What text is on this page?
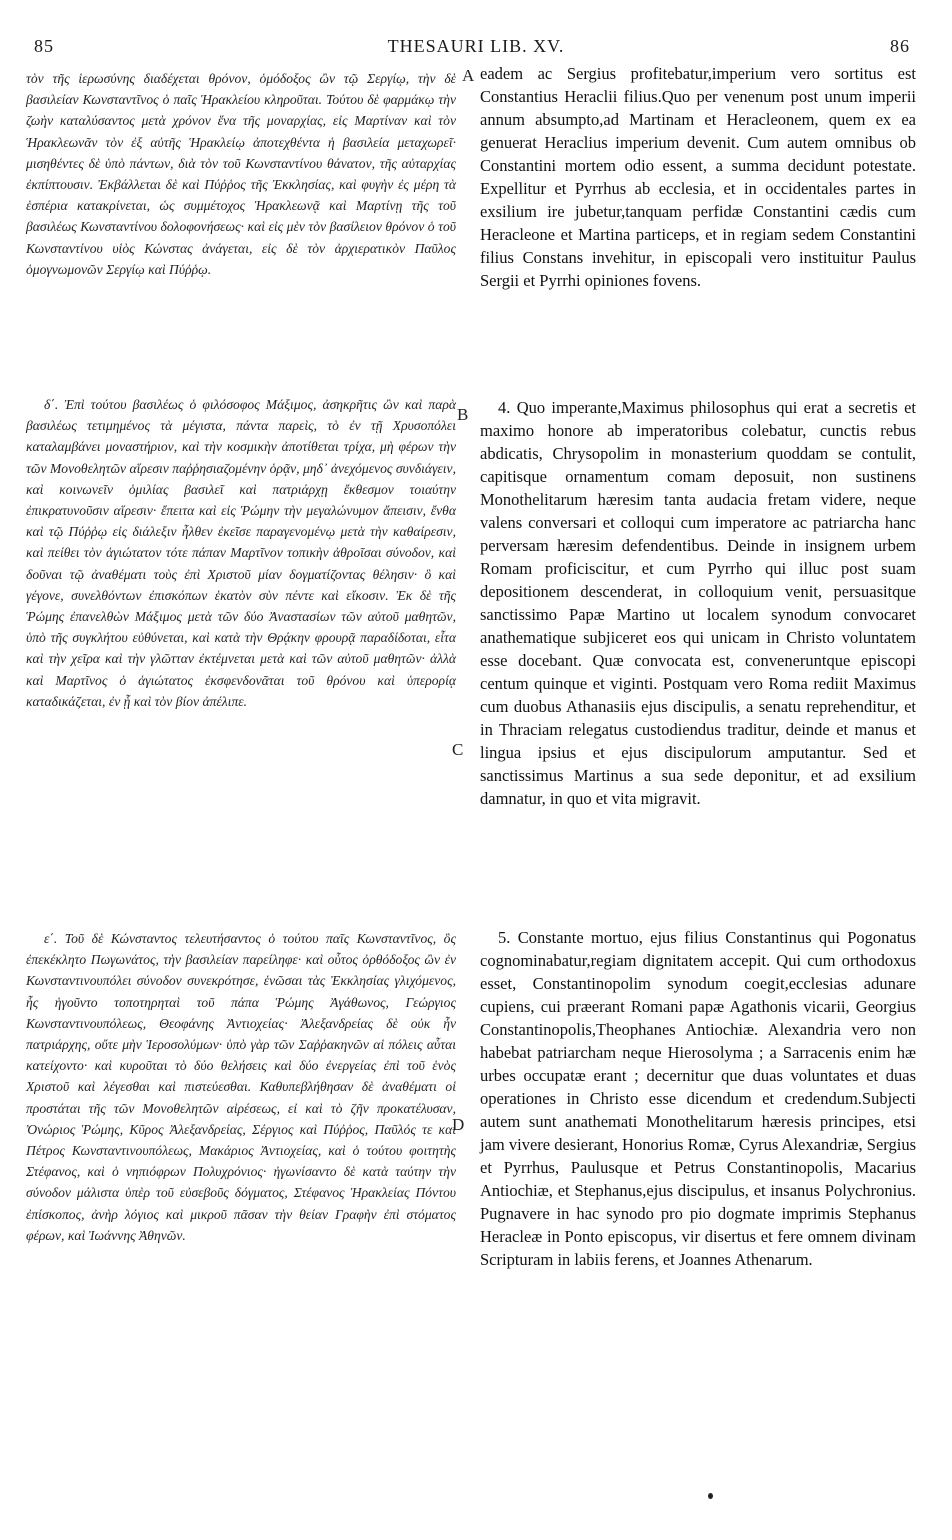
85	THESAURI LIB. XV.	86

τὸν τῆς ἱερωσύνης διαδέχεται θρόνον, ὁμόδοξος ὢν τῷ Σεργίῳ, τὴν δὲ βασιλείαν Κωνσταντῖνος ὁ παῖς Ἡρακλείου κληροῦται. Τούτου δὲ φαρμάκῳ τὴν ζωὴν καταλύσαντος μετὰ χρόνον ἕνα τῆς μοναρχίας, εἰς Μαρτίναν καὶ τὸν Ἡρακλεωνᾶν τὸν ἐξ αὐτῆς Ἡρακλείῳ ἀποτεχθέντα ἡ βασιλεία μεταχωρεῖ· μισηθέντες δὲ ὑπὸ πάντων, διὰ τὸν τοῦ Κωνσταντίνου θάνατον, τῆς αὐταρχίας ἐκπίπτουσιν. Ἐκβάλλεται δὲ καὶ Πύῤῥος τῆς Ἐκκλησίας, καὶ φυγὴν ἐς μέρη τὰ ἑσπέρια κατακρίνεται, ὡς συμμέτοχος Ἡρακλεωνᾷ καὶ Μαρτίνῃ τῆς τοῦ βασιλέως Κωνσταντίνου δολοφονήσεως· καὶ εἰς μὲν τὸν βασίλειον θρόνον ὁ τοῦ Κωνσταντίνου υἱὸς Κώνστας ἀνάγεται, εἰς δὲ τὸν ἀρχιερατικὸν Παῦλος ὁμογνωμονῶν Σεργίῳ καὶ Πύῤῥῳ.

δ΄. Ἐπὶ τούτου βασιλέως ὁ φιλόσοφος Μάξιμος, ἀσηκρῆτις ὢν καὶ παρὰ βασιλέως τετιμημένος τὰ μέγιστα, πάντα παρεὶς, τὸ ἐν τῇ Χρυσοπόλει καταλαμβάνει μοναστήριον, καὶ τὴν κοσμικὴν ἀποτίθεται τρίχα, μὴ φέρων τὴν τῶν Μονοθελητῶν αἵρεσιν παῤῥησιαζομένην ὁρᾷν, μηδ᾽ ἀνεχόμενος συνδιάγειν, καὶ κοινωνεῖν ὁμιλίας βασιλεῖ καὶ πατριάρχῃ ἔκθεσμον τοιαύτην ἐπικρατυνοῦσιν αἵρεσιν· ἔπειτα καὶ εἰς Ῥώμην τὴν μεγαλώνυμον ἄπεισιν, ἔνθα καὶ τῷ Πύῤῥῳ εἰς διάλεξιν ἦλθεν ἐκεῖσε παραγενομένῳ μετὰ τὴν καθαίρεσιν, καὶ πείθει τὸν ἁγιώτατον τότε πάπαν Μαρτῖνον τοπικὴν ἀθροῖσαι σύνοδον, καὶ δοῦναι τῷ ἀναθέματι τοὺς ἐπὶ Χριστοῦ μίαν δογματίζοντας θέλησιν· ὃ καὶ γέγονε, συνελθόντων ἐπισκόπων ἑκατὸν σὺν πέντε καὶ εἴκοσιν. Ἐκ δὲ τῆς Ῥώμης ἐπανελθὼν Μάξιμος μετὰ τῶν δύο Ἀναστασίων τῶν αὐτοῦ μαθητῶν, ὑπὸ τῆς συγκλήτου εὐθύνεται, καὶ κατὰ τὴν Θρᾴκην φρουρᾷ παραδίδοται, εἶτα καὶ τὴν χεῖρα καὶ τὴν γλῶτταν ἐκτέμνεται μετὰ καὶ τῶν αὐτοῦ μαθητῶν· ἀλλὰ καὶ Μαρτῖνος ὁ ἁγιώτατος ἐκσφενδονᾶται τοῦ θρόνου καὶ ὑπερορίᾳ καταδικάζεται, ἐν ᾗ καὶ τὸν βίον ἀπέλιπε.

ε΄. Τοῦ δὲ Κώνσταντος τελευτήσαντος ὁ τούτου παῖς Κωνσταντῖνος, ὃς ἐπεκέκλητο Πωγωνάτος, τὴν βασιλείαν παρείληφε· καὶ οὗτος ὀρθόδοξος ὢν ἐν Κωνσταντινουπόλει σύνοδον συνεκρότησε, ἑνῶσαι τὰς Ἐκκλησίας γλιχόμενος, ἧς ἡγοῦντο τοποτηρηταὶ τοῦ πάπα Ῥώμης Ἀγάθωνος, Γεώργιος Κωνσταντινουπόλεως, Θεοφάνης Ἀντιοχείας· Ἀλεξανδρείας δὲ οὐκ ἦν πατριάρχης, οὔτε μὴν Ἱεροσολύμων· ὑπὸ γὰρ τῶν Σαῤῥακηνῶν αἱ πόλεις αὗται κατείχοντο· καὶ κυροῦται τὸ δύο θελήσεις καὶ δύο ἐνεργείας ἐπὶ τοῦ ἑνὸς Χριστοῦ καὶ λέγεσθαι καὶ πιστεύεσθαι. Καθυπεβλήθησαν δὲ ἀναθέματι οἱ προστάται τῆς τῶν Μονοθελητῶν αἱρέσεως, εἰ καὶ τὸ ζῆν προκατέλυσαν, Ὀνώριος Ῥώμης, Κῦρος Ἀλεξανδρείας, Σέργιος καὶ Πύῤῥος, Παῦλός τε καὶ Πέτρος Κωνσταντινουπόλεως, Μακάριος Ἀντιοχείας, καὶ ὁ τούτου φοιτητὴς Στέφανος, καὶ ὁ νηπιόφρων Πολυχρόνιος· ἠγωνίσαντο δὲ κατὰ ταύτην τὴν σύνοδον μάλιστα ὑπὲρ τοῦ εὐσεβοῦς δόγματος, Στέφανος Ἡρακλείας Πόντου ἐπίσκοπος, ἀνὴρ λόγιος καὶ μικροῦ πᾶσαν τὴν θείαν Γραφὴν ἐπὶ στόματος φέρων, καὶ Ἰωάννης Ἀθηνῶν.

A
B
C
D

eadem ac Sergius profitebatur,imperium vero sortitus est Constantius Heraclii filius.Quo per venenum post unum imperii annum absumpto,ad Martinam et Heracleonem, quem ex ea genuerat Heraclius imperium devenit. Cum autem omnibus ob Constantini mortem odio essent, a summa decidunt potestate. Expellitur et Pyrrhus ab ecclesia, et in occidentales partes in exsilium ire jubetur,tanquam perfidæ Constantini cædis cum Heracleone et Martina particeps, et in regiam sedem Constantini filius Constans invehitur, in episcopali vero instituitur Paulus Sergii et Pyrrhi opiniones fovens.

4. Quo imperante,Maximus philosophus qui erat a secretis et maximo honore ab imperatoribus colebatur, cunctis rebus abdicatis, Chrysopolim in monasterium quoddam se contulit, capitisque ornamentum comam deposuit, non sustinens Monothelitarum hæresim tanta audacia fretam videre, neque valens conversari et colloqui cum imperatore ac patriarcha hanc perversam hæresim defendentibus. Deinde in insignem urbem Romam proficiscitur, et cum Pyrrho qui illuc post suam depositionem descenderat, in colloquium venit, persuasitque sanctissimo Papæ Martino ut localem synodum convocaret anathematique subjiceret eos qui unicam in Christo voluntatem esse docebant. Quæ convocata est, conveneruntque episcopi centum quinque et viginti. Postquam vero Roma rediit Maximus cum duobus Athanasiis ejus discipulis, a senatu reprehenditur, et in Thraciam relegatus custodiendus traditur, deinde et manus et lingua ipsius et ejus discipulorum amputantur. Sed et sanctissimus Martinus a sua sede deponitur, et ad exsilium damnatur, in quo et vita migravit.

5. Constante mortuo, ejus filius Constantinus qui Pogonatus cognominabatur,regiam dignitatem accepit. Qui cum orthodoxus esset, Constantinopolim synodum coegit,ecclesias adunare cupiens, cui præerant Romani papæ Agathonis vicarii, Georgius Constantinopolis,Theophanes Antiochiæ. Alexandria vero non habebat patriarcham neque Hierosolyma ; a Sarracenis enim hæ urbes occupatæ erant ; decernitur que duas voluntates et duas operationes in Christo esse dicendum et credendum.Subjecti autem sunt anathemati Monothelitarum hæresis principes, etsi jam vivere desierant, Honorius Romæ, Cyrus Alexandriæ, Sergius et Pyrrhus, Paulusque et Petrus Constantinopolis, Macarius Antiochiæ, et Stephanus,ejus discipulus, et insanus Polychronius. Pugnavere in hac synodo pro pio dogmate imprimis Stephanus Heracleæ in Ponto episcopus, vir disertus et fere omnem divinam Scripturam in labiis ferens, et Joannes Athenarum.
